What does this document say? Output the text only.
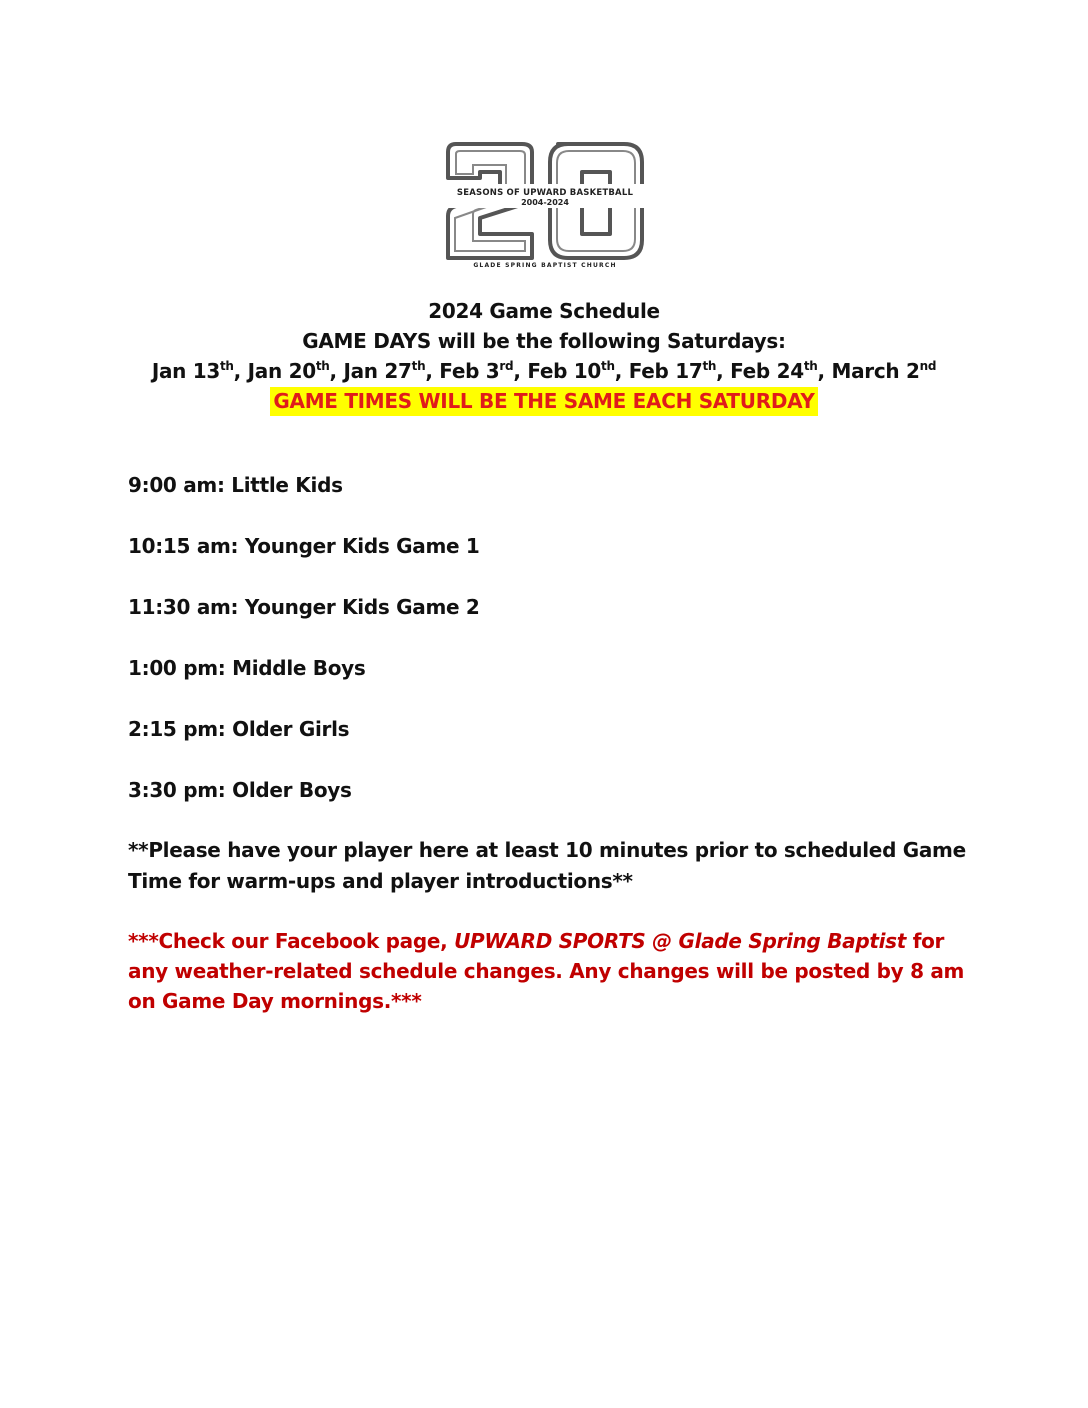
SEASONS OF UPWARD BASKETBALL
2004-2024
GLADE SPRING BAPTIST CHURCH
2024 Game Schedule
GAME DAYS will be the following Saturdays:
Jan 13th, Jan 20th, Jan 27th, Feb 3rd, Feb 10th, Feb 17th, Feb 24th, March 2nd
GAME TIMES WILL BE THE SAME EACH SATURDAY
9:00 am: Little Kids
10:15 am: Younger Kids Game 1
11:30 am: Younger Kids Game 2
1:00 pm: Middle Boys
2:15 pm: Older Girls
3:30 pm: Older Boys
**Please have your player here at least 10 minutes prior to scheduled Game Time for warm-ups and player introductions**
***Check our Facebook page, UPWARD SPORTS @ Glade Spring Baptist for any weather-related schedule changes. Any changes will be posted by 8 am on Game Day mornings.***
